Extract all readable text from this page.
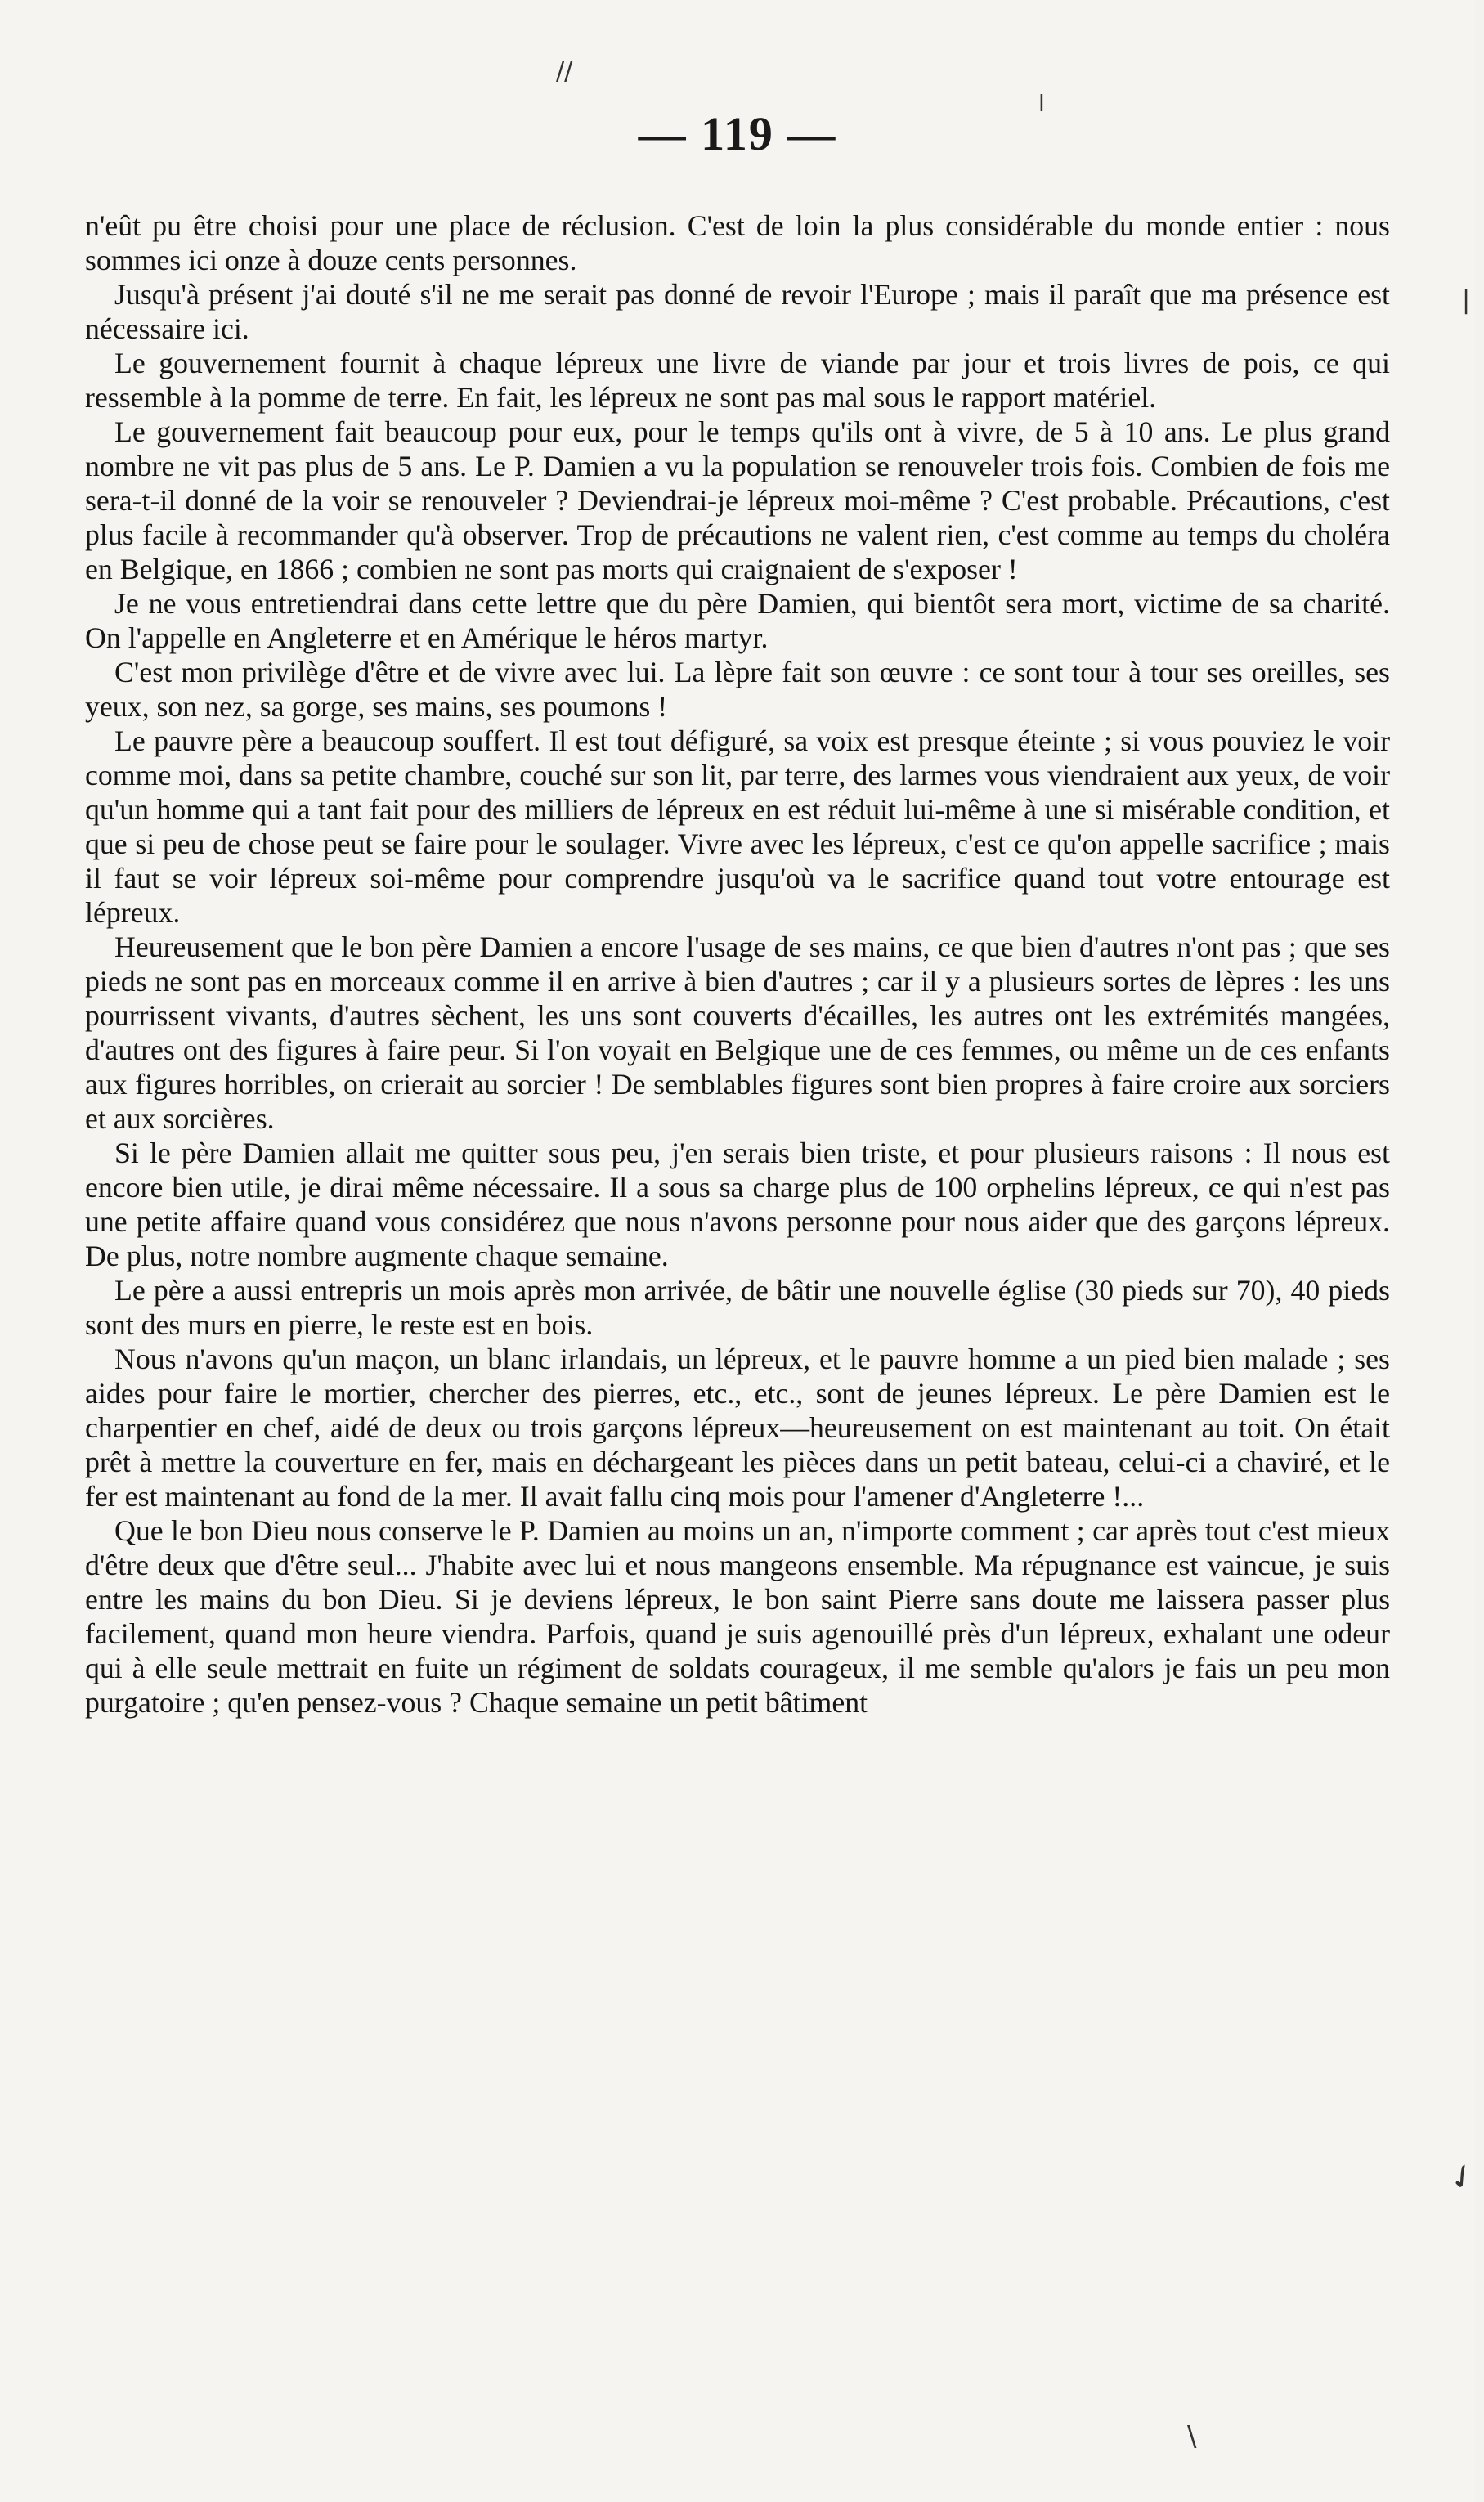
— 119 —

n'eût pu être choisi pour une place de réclusion. C'est de loin la plus considérable du monde entier : nous sommes ici onze à douze cents personnes.

Jusqu'à présent j'ai douté s'il ne me serait pas donné de revoir l'Europe ; mais il paraît que ma présence est nécessaire ici.

Le gouvernement fournit à chaque lépreux une livre de viande par jour et trois livres de pois, ce qui ressemble à la pomme de terre. En fait, les lépreux ne sont pas mal sous le rapport matériel.

Le gouvernement fait beaucoup pour eux, pour le temps qu'ils ont à vivre, de 5 à 10 ans. Le plus grand nombre ne vit pas plus de 5 ans. Le P. Damien a vu la population se renouveler trois fois. Combien de fois me sera-t-il donné de la voir se renouveler ? Deviendrai-je lépreux moi-même ? C'est probable. Précautions, c'est plus facile à recommander qu'à observer. Trop de précautions ne valent rien, c'est comme au temps du choléra en Belgique, en 1866 ; combien ne sont pas morts qui craignaient de s'exposer !

Je ne vous entretiendrai dans cette lettre que du père Damien, qui bientôt sera mort, victime de sa charité. On l'appelle en Angleterre et en Amérique le héros martyr.

C'est mon privilège d'être et de vivre avec lui. La lèpre fait son œuvre : ce sont tour à tour ses oreilles, ses yeux, son nez, sa gorge, ses mains, ses poumons !

Le pauvre père a beaucoup souffert. Il est tout défiguré, sa voix est presque éteinte ; si vous pouviez le voir comme moi, dans sa petite chambre, couché sur son lit, par terre, des larmes vous viendraient aux yeux, de voir qu'un homme qui a tant fait pour des milliers de lépreux en est réduit lui-même à une si misérable condition, et que si peu de chose peut se faire pour le soulager. Vivre avec les lépreux, c'est ce qu'on appelle sacrifice ; mais il faut se voir lépreux soi-même pour comprendre jusqu'où va le sacrifice quand tout votre entourage est lépreux.

Heureusement que le bon père Damien a encore l'usage de ses mains, ce que bien d'autres n'ont pas ; que ses pieds ne sont pas en morceaux comme il en arrive à bien d'autres ; car il y a plusieurs sortes de lèpres : les uns pourrissent vivants, d'autres sèchent, les uns sont couverts d'écailles, les autres ont les extrémités mangées, d'autres ont des figures à faire peur. Si l'on voyait en Belgique une de ces femmes, ou même un de ces enfants aux figures horribles, on crierait au sorcier ! De semblables figures sont bien propres à faire croire aux sorciers et aux sorcières.

Si le père Damien allait me quitter sous peu, j'en serais bien triste, et pour plusieurs raisons : Il nous est encore bien utile, je dirai même nécessaire. Il a sous sa charge plus de 100 orphelins lépreux, ce qui n'est pas une petite affaire quand vous considérez que nous n'avons personne pour nous aider que des garçons lépreux. De plus, notre nombre augmente chaque semaine.

Le père a aussi entrepris un mois après mon arrivée, de bâtir une nouvelle église (30 pieds sur 70), 40 pieds sont des murs en pierre, le reste est en bois.

Nous n'avons qu'un maçon, un blanc irlandais, un lépreux, et le pauvre homme a un pied bien malade ; ses aides pour faire le mortier, chercher des pierres, etc., etc., sont de jeunes lépreux. Le père Damien est le charpentier en chef, aidé de deux ou trois garçons lépreux—heureusement on est maintenant au toit. On était prêt à mettre la couverture en fer, mais en déchargeant les pièces dans un petit bateau, celui-ci a chaviré, et le fer est maintenant au fond de la mer. Il avait fallu cinq mois pour l'amener d'Angleterre !...

Que le bon Dieu nous conserve le P. Damien au moins un an, n'importe comment ; car après tout c'est mieux d'être deux que d'être seul... J'habite avec lui et nous mangeons ensemble. Ma répugnance est vaincue, je suis entre les mains du bon Dieu. Si je deviens lépreux, le bon saint Pierre sans doute me laissera passer plus facilement, quand mon heure viendra. Parfois, quand je suis agenouillé près d'un lépreux, exhalant une odeur qui à elle seule mettrait en fuite un régiment de soldats courageux, il me semble qu'alors je fais un peu mon purgatoire ; qu'en pensez-vous ? Chaque semaine un petit bâtiment

|
✓
\
//
l
